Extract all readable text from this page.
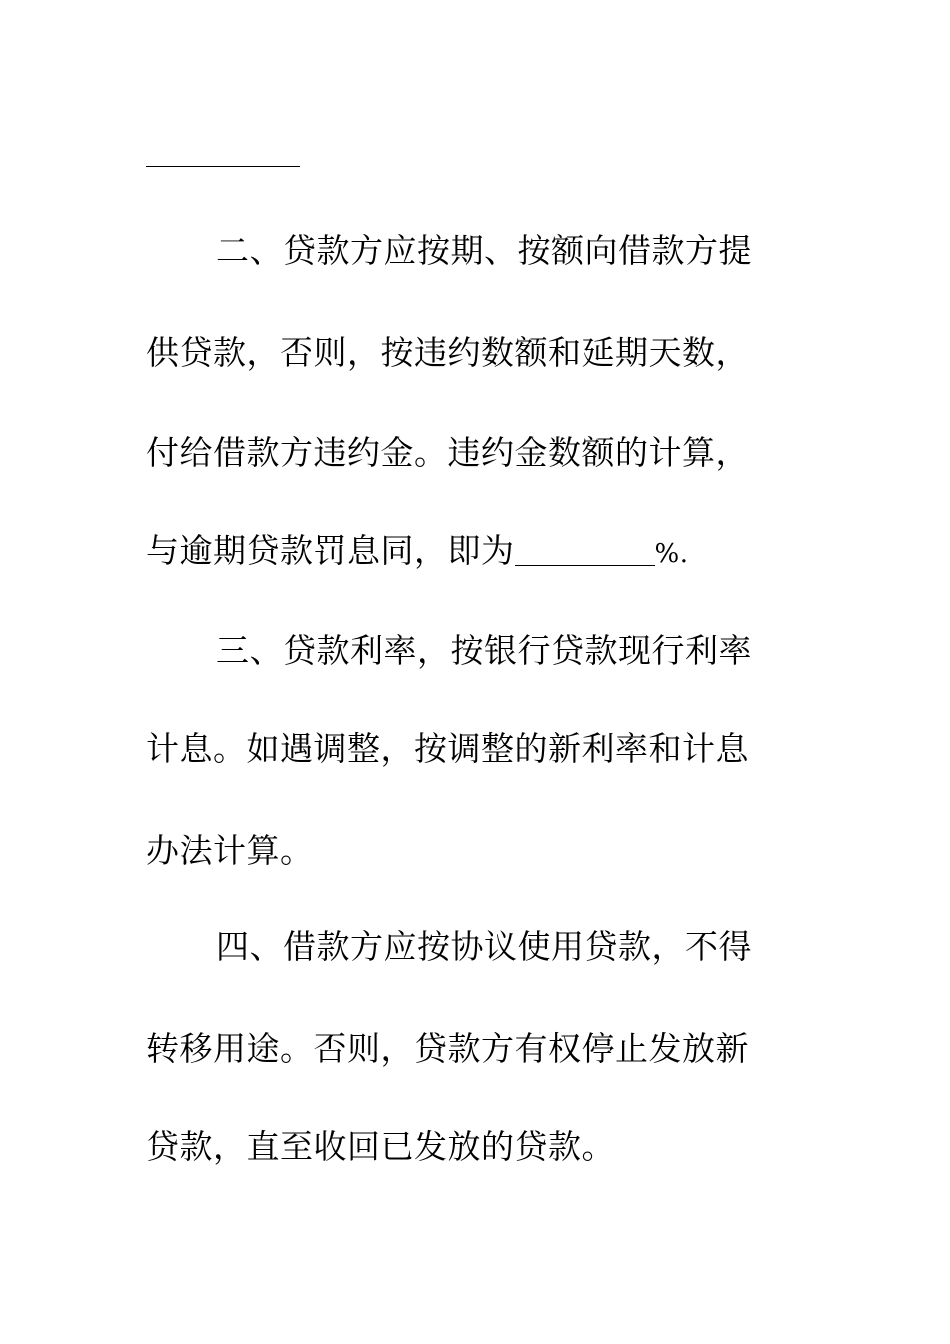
二、贷款方应按期、按额向借款方提
供贷款，否则，按违约数额和延期天数，
付给借款方违约金。违约金数额的计算，
与逾期贷款罚息同，即为	%.
三、贷款利率，按银行贷款现行利率
计息。如遇调整，按调整的新利率和计息
办法计算。
四、借款方应按协议使用贷款，不得
转移用途。否则，贷款方有权停止发放新
贷款，直至收回已发放的贷款。
